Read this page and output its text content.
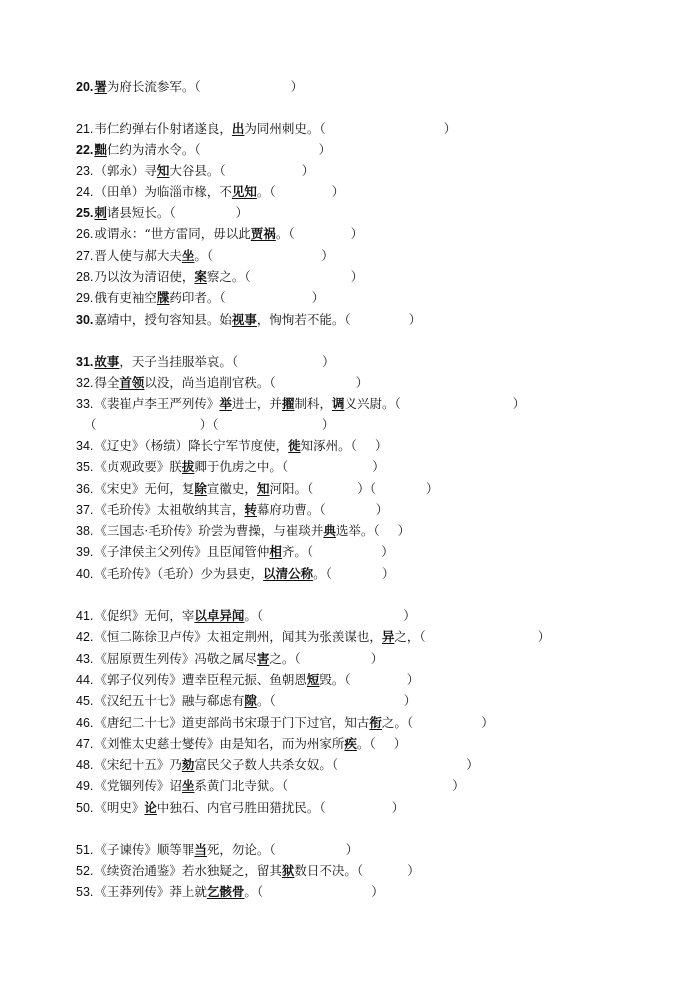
20.署为府长流参军。（	）
21.韦仁约弹右仆射诸遂良，出为同州刺史。（	）
22.黜仁约为清水令。（	）
23.（郭永）寻知大谷县。（	）
24.（田单）为临淄市椽，不见知。（	）
25.刺诸县短长。（	）
26.或谓永：“世方雷同，毋以此贾祸。（	）
27.晋人使与郝大夫坐。（	）
28.乃以汝为清诏使，案察之。（	）
29.俄有吏袖空牒药印者。（	）
30.嘉靖中，授句容知县。始视事，恂恂若不能。（	）
31.故事，天子当挂服举哀。（	）
32.得全首领以没，尚当追削官秩。（	）
33.《裴崔卢李王严列传》举进士，并擢制科，调义兴尉。（	）
34.《辽史》（杨绩）降长宁军节度使，徙知涿州。（ ）
35.《贞观政要》朕拔卿于仇虏之中。（	）
36.《宋史》无何，复除宣徽史，知河阳。（	）（　　　　）
37.《毛玠传》太祖敬纳其言，转幕府功曹。（	）
38.《三国志·毛玠传》玠尝为曹操，与崔琰并典选举。（ ）
39.《子津侯主父列传》且臣闻管仲相齐。（	）
40.《毛玠传》（毛玠）少为县吏，以清公称。（	）
41.《促织》无何，宰以卓异闻。（	）
42.《恒二陈徐卫卢传》太祖定荆州，闻其为张羡谋也，异之，（	）
43.《屈原贾生列传》冯敬之属尽害之。（	）
44.《郭子仪列传》遭幸臣程元振、鱼朝恩短毁。（	）
45.《汉纪五十七》融与郗虑有隙。（	）
46.《唐纪二十七》道吏部尚书宋璟于门下过官，知古衔之。（	）
47.《刘惟太史慈士燮传》由是知名，而为州家所疾。（ ）
48.《宋纪十五》乃劾富民父子数人共杀女奴。（	）
49.《党锢列传》诏坐系黄门北寺狱。（	）
50.《明史》论中独石、内官弓胜田猎扰民。（	）
51.《子谏传》顺等罪当死，勿论。（	）
52.《续资治通鉴》若水独疑之，留其狱数日不决。（	）
53.《王莽列传》莽上就乞骸骨。（	）
（                          ）（                          ）
